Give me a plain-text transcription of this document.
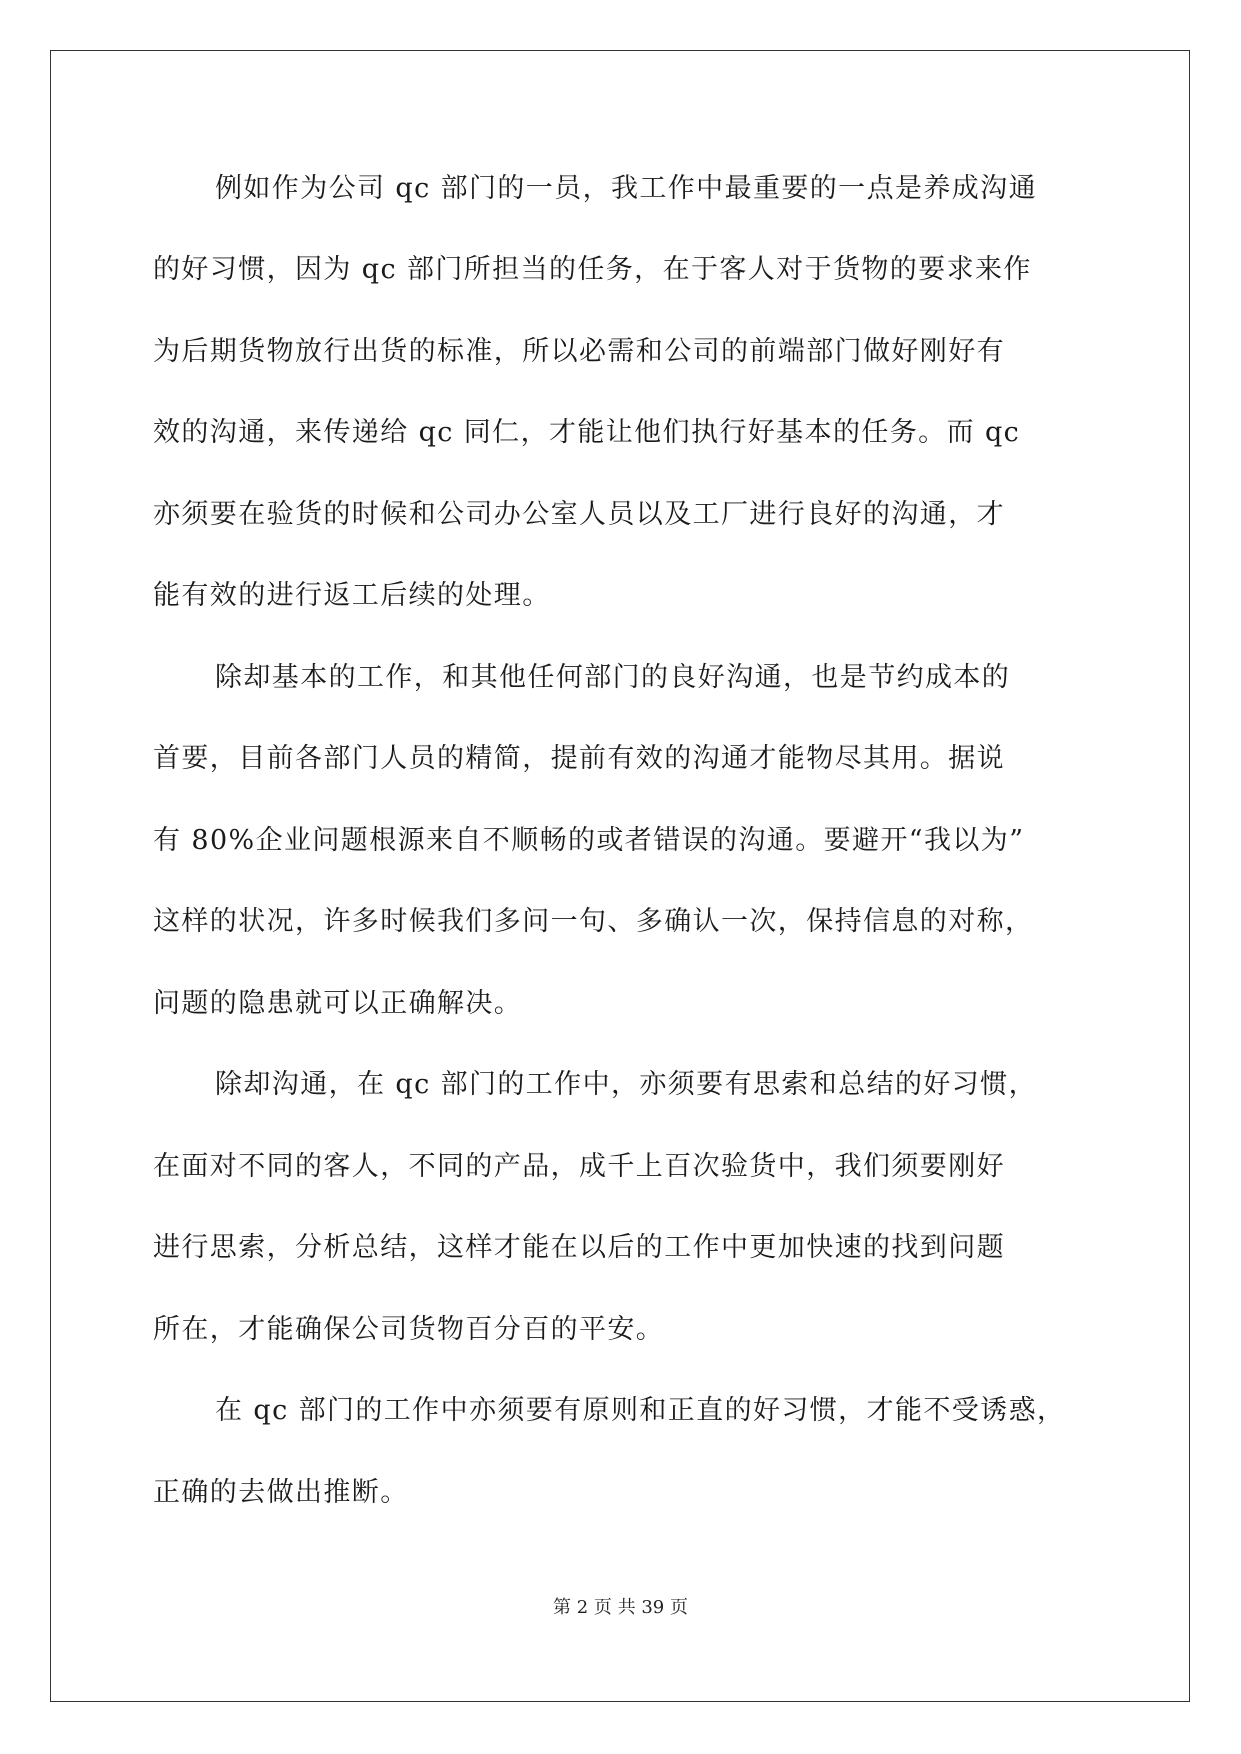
例如作为公司 qc 部门的一员，我工作中最重要的一点是养成沟通

的好习惯，因为 qc 部门所担当的任务，在于客人对于货物的要求来作

为后期货物放行出货的标准，所以必需和公司的前端部门做好刚好有

效的沟通，来传递给 qc 同仁，才能让他们执行好基本的任务。而 qc

亦须要在验货的时候和公司办公室人员以及工厂进行良好的沟通，才

能有效的进行返工后续的处理。

除却基本的工作，和其他任何部门的良好沟通，也是节约成本的

首要，目前各部门人员的精简，提前有效的沟通才能物尽其用。据说

有 80%企业问题根源来自不顺畅的或者错误的沟通。要避开“我以为”

这样的状况，许多时候我们多问一句、多确认一次，保持信息的对称，

问题的隐患就可以正确解决。

除却沟通，在 qc 部门的工作中，亦须要有思索和总结的好习惯，

在面对不同的客人，不同的产品，成千上百次验货中，我们须要刚好

进行思索，分析总结，这样才能在以后的工作中更加快速的找到问题

所在，才能确保公司货物百分百的平安。

在 qc 部门的工作中亦须要有原则和正直的好习惯，才能不受诱惑，

正确的去做出推断。

第 2 页 共 39 页
